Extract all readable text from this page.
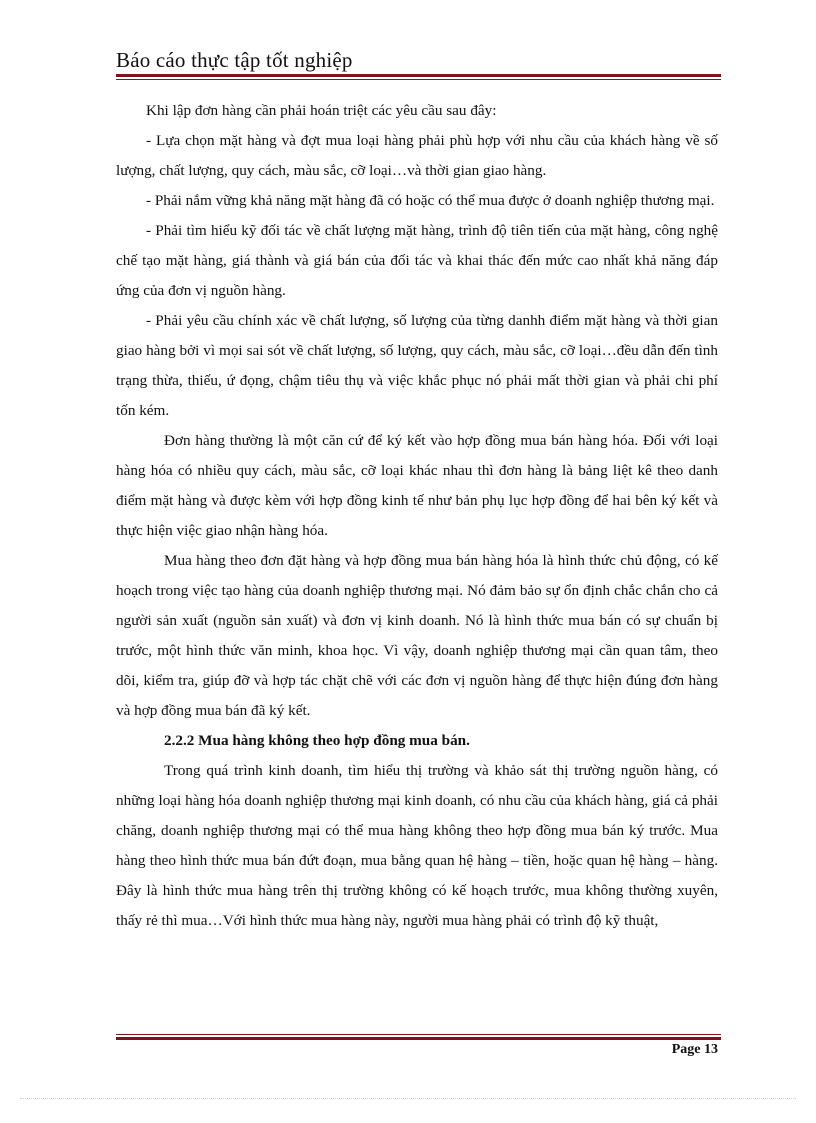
Báo cáo thực tập tốt nghiệp

Khi lập đơn hàng cần phải hoán triệt các yêu cầu sau đây:

- Lựa chọn mặt hàng và đợt mua loại hàng phải phù hợp với nhu cầu của khách hàng về số lượng, chất lượng, quy cách, màu sắc, cỡ loại…và thời gian giao hàng.

- Phải nắm vững khả năng mặt hàng đã có hoặc có thể mua được ở doanh nghiệp thương mại.

- Phải tìm hiểu kỹ đối tác về chất lượng mặt hàng, trình độ tiên tiến của mặt hàng, công nghệ chế tạo mặt hàng, giá thành và giá bán của đối tác và khai thác đến mức cao nhất khả năng đáp ứng của đơn vị nguồn hàng.

- Phải yêu cầu chính xác về chất lượng, số lượng của từng danhh điểm mặt hàng và thời gian giao hàng bởi vì mọi sai sót về chất lượng, số lượng, quy cách, màu sắc, cỡ loại…đều dẫn đến tình trạng thừa, thiếu, ứ đọng, chậm tiêu thụ và việc khắc phục nó phải mất thời gian và phải chi phí tốn kém.

Đơn hàng thường là một căn cứ để ký kết vào hợp đồng mua bán hàng hóa. Đối với loại hàng hóa có nhiều quy cách, màu sắc, cỡ loại khác nhau thì đơn hàng là bảng liệt kê theo danh điểm mặt hàng và được kèm với hợp đồng kinh tế như bản phụ lục hợp đồng để hai bên ký kết và thực hiện việc giao nhận hàng hóa.

Mua hàng theo đơn đặt hàng và hợp đồng mua bán hàng hóa là hình thức chủ động, có kế hoạch trong việc tạo hàng của doanh nghiệp thương mại. Nó đảm bảo sự ổn định chắc chắn cho cả người sản xuất (nguồn sản xuất) và đơn vị kinh doanh. Nó là hình thức mua bán có sự chuẩn bị trước, một hình thức văn minh, khoa học. Vì vậy, doanh nghiệp thương mại cần quan tâm, theo dõi, kiểm tra, giúp đỡ và hợp tác chặt chẽ với các đơn vị nguồn hàng để thực hiện đúng đơn hàng và hợp đồng mua bán đã ký kết.

2.2.2 Mua hàng không theo hợp đồng mua bán.

Trong quá trình kinh doanh, tìm hiểu thị trường và khảo sát thị trường nguồn hàng, có những loại hàng hóa doanh nghiệp thương mại kinh doanh, có nhu cầu của khách hàng, giá cả phải chăng, doanh nghiệp thương mại có thể mua hàng không theo hợp đồng mua bán ký trước. Mua hàng theo hình thức mua bán đứt đoạn, mua bằng quan hệ hàng – tiền, hoặc quan hệ hàng – hàng. Đây là hình thức mua hàng trên thị trường không có kế hoạch trước, mua không thường xuyên, thấy rẻ thì mua…Với hình thức mua hàng này, người mua hàng phải có trình độ kỹ thuật,

Page 13
